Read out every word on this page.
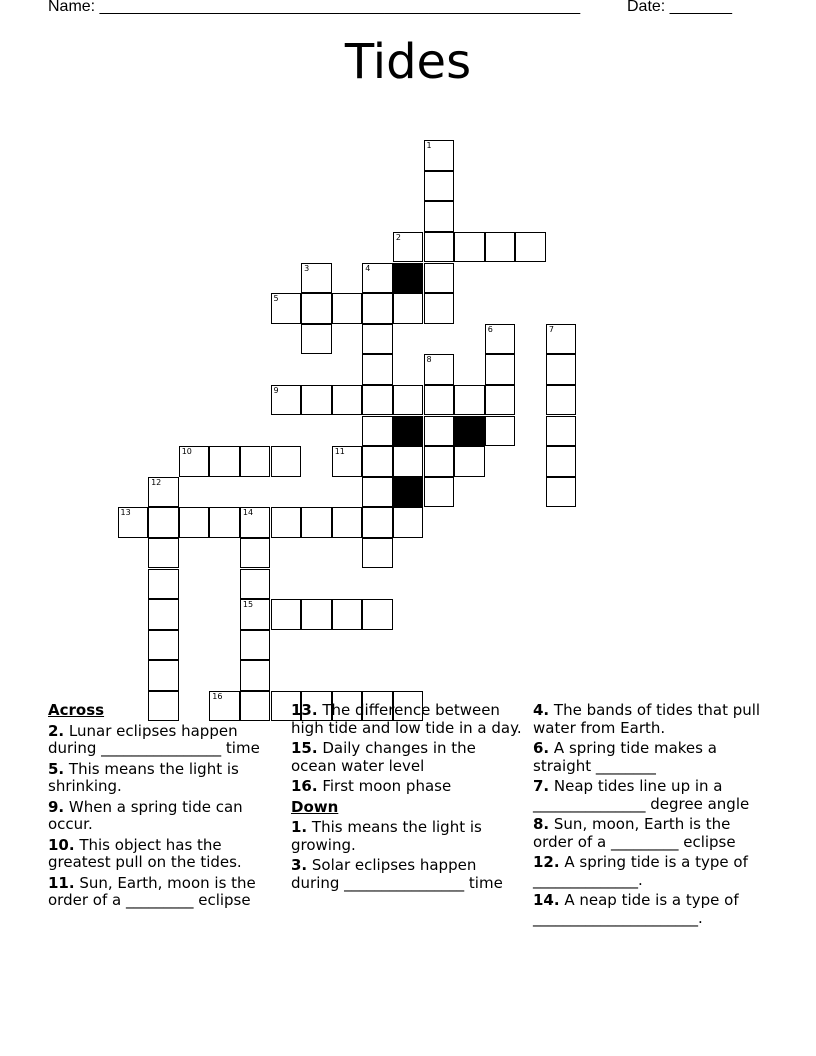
Name: ______________________________________________________	Date: _______
Tides
1
2
3	4
5
6	7
8
9
10	11
12
13	14
15
16
Across
2. Lunar eclipses happen during ________________ time
5. This means the light is shrinking.
9. When a spring tide can occur.
10. This object has the greatest pull on the tides.
11. Sun, Earth, moon is the order of a _________ eclipse
13. The difference between high tide and low tide in a day.
15. Daily changes in the ocean water level
16. First moon phase
Down
1. This means the light is growing.
3. Solar eclipses happen during ________________ time
4. The bands of tides that pull water from Earth.
6. A spring tide makes a straight ________
7. Neap tides line up in a _______________ degree angle
8. Sun, moon, Earth is the order of a _________ eclipse
12. A spring tide is a type of ______________.
14. A neap tide is a type of ______________________.
